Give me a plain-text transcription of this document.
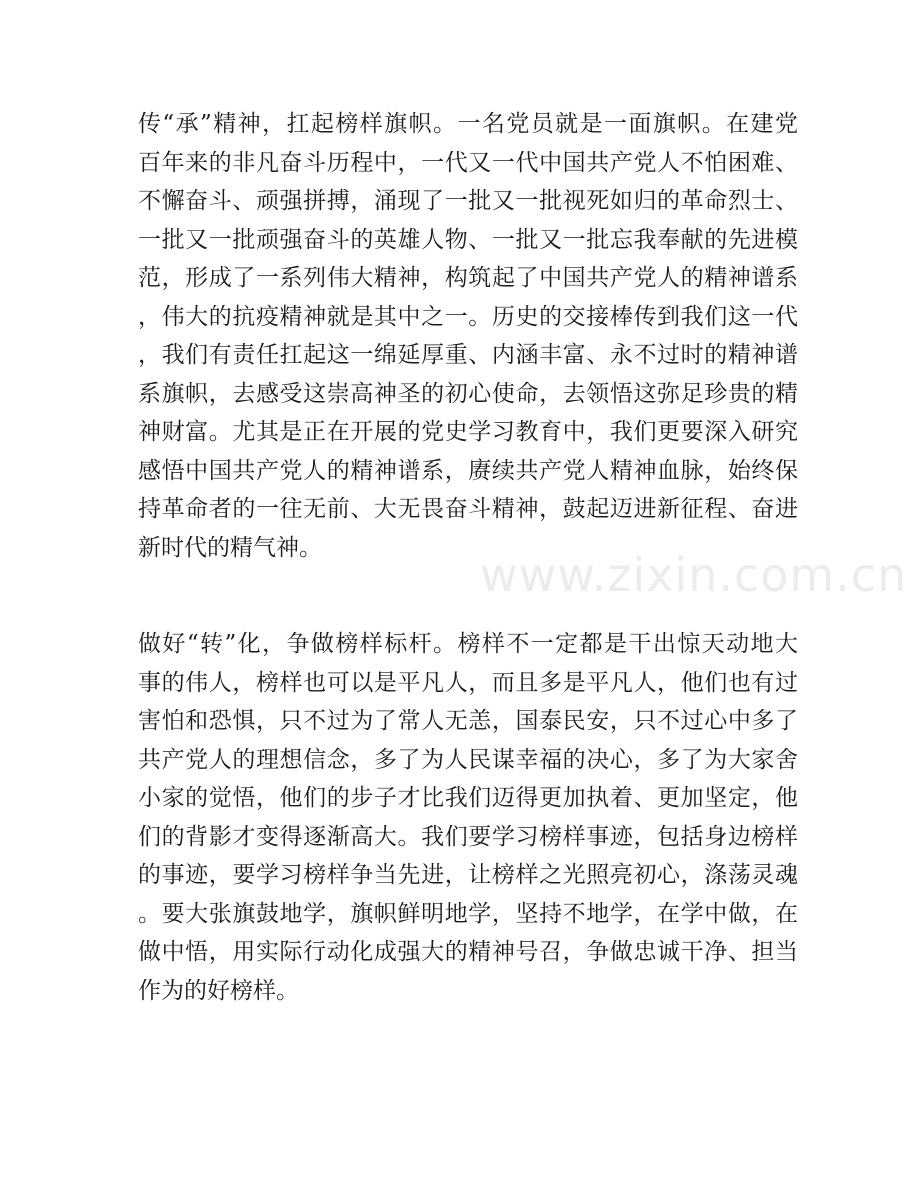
传“承”精神，扛起榜样旗帜。一名党员就是一面旗帜。在建党
百年来的非凡奋斗历程中，一代又一代中国共产党人不怕困难、
不懈奋斗、顽强拼搏，涌现了一批又一批视死如归的革命烈士、
一批又一批顽强奋斗的英雄人物、一批又一批忘我奉献的先进模
范，形成了一系列伟大精神，构筑起了中国共产党人的精神谱系
，伟大的抗疫精神就是其中之一。历史的交接棒传到我们这一代
，我们有责任扛起这一绵延厚重、内涵丰富、永不过时的精神谱
系旗帜，去感受这崇高神圣的初心使命，去领悟这弥足珍贵的精
神财富。尤其是正在开展的党史学习教育中，我们更要深入研究
感悟中国共产党人的精神谱系，赓续共产党人精神血脉，始终保
持革命者的一往无前、大无畏奋斗精神，鼓起迈进新征程、奋进
新时代的精气神。
做好“转”化，争做榜样标杆。榜样不一定都是干出惊天动地大
事的伟人，榜样也可以是平凡人，而且多是平凡人，他们也有过
害怕和恐惧，只不过为了常人无恙，国泰民安，只不过心中多了
共产党人的理想信念，多了为人民谋幸福的决心，多了为大家舍
小家的觉悟，他们的步子才比我们迈得更加执着、更加坚定，他
们的背影才变得逐渐高大。我们要学习榜样事迹，包括身边榜样
的事迹，要学习榜样争当先进，让榜样之光照亮初心，涤荡灵魂
。要大张旗鼓地学，旗帜鲜明地学，坚持不地学，在学中做，在
做中悟，用实际行动化成强大的精神号召，争做忠诚干净、担当
作为的好榜样。
www.zixin.com.cn
